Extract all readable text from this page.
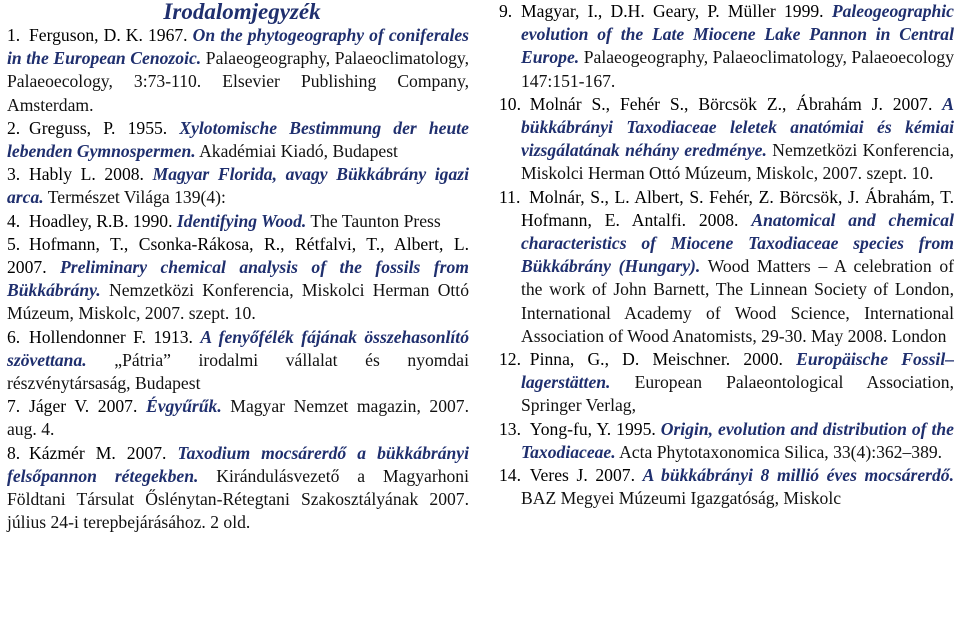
Irodalomjegyzék

1.  Ferguson, D. K. 1967. On the phytogeography of coniferales in the European Cenozoic. Palaeogeography, Palaeoclimatology, Palaeoecology, 3:73-110. Elsevier Publishing Company, Amsterdam.

2.  Greguss, P. 1955. Xylotomische Bestimmung der heute lebenden Gymnospermen. Akadémiai Kiadó, Budapest

3.  Hably L. 2008. Magyar Florida, avagy Bükkábrány igazi arca. Természet Világa 139(4):

4.  Hoadley, R.B. 1990. Identifying Wood. The Taunton Press

5.  Hofmann, T., Csonka-Rákosa, R., Rétfalvi, T., Albert, L. 2007. Preliminary chemical analysis of the fossils from Bükkábrány. Nemzetközi Konferencia, Miskolci Herman Ottó Múzeum, Miskolc, 2007. szept. 10.

6.  Hollendonner F. 1913. A fenyőfélék fájának összehasonlító szövettana. „Pátria” irodalmi vállalat és nyomdai részvénytársaság, Budapest

7.  Jáger V. 2007. Évgyűrűk. Magyar Nemzet magazin, 2007. aug. 4.

8.  Kázmér M. 2007. Taxodium mocsárerdő a bükkábrányi felsőpannon rétegekben. Kirándulásvezető a Magyarhoni Földtani Társulat Őslénytan-Rétegtani Szakosztályának 2007. július 24-i terepbejárásához. 2 old.

9.  Magyar, I., D.H. Geary, P. Müller 1999. Paleogeographic evolution of the Late Miocene Lake Pannon in Central Europe. Palaeogeography, Palaeoclimatology, Palaeoecology 147:151-167.

10.  Molnár S., Fehér S., Börcsök Z., Ábrahám J. 2007. A bükkábrányi Taxodiaceae leletek anatómiai és kémiai vizsgálatának néhány eredménye. Nemzetközi Konferencia, Miskolci Herman Ottó Múzeum, Miskolc, 2007. szept. 10.

11.  Molnár, S., L. Albert, S. Fehér, Z. Börcsök, J. Ábrahám, T. Hofmann, E. Antalfi. 2008. Anatomical and chemical characteristics of Miocene Taxodiaceae species from Bükkábrány (Hungary). Wood Matters – A celebration of the work of John Barnett, The Linnean Society of London, International Academy of Wood Science, International Association of Wood Anatomists, 29-30. May 2008. London

12.  Pinna, G., D. Meischner. 2000. Europäische Fossil–lagerstätten. European Palaeontological Association, Springer Verlag,

13.  Yong-fu, Y. 1995. Origin, evolution and distribution of the Taxodiaceae. Acta Phytotaxonomica Silica, 33(4):362–389.

14.  Veres J. 2007. A bükkábrányi 8 millió éves mocsárerdő. BAZ Megyei Múzeumi Igazgatóság, Miskolc
